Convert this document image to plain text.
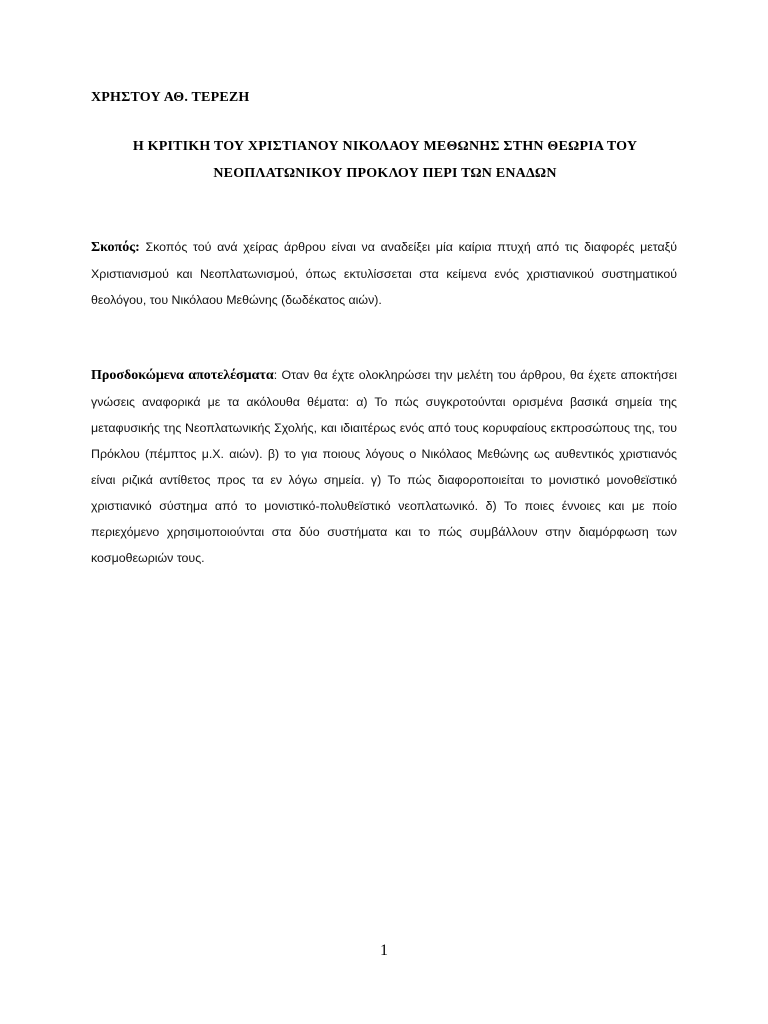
ΧΡΗΣΤΟΥ ΑΘ. ΤΕΡΕΖΗ
Η ΚΡΙΤΙΚΗ ΤΟΥ ΧΡΙΣΤΙΑΝΟΥ ΝΙΚΟΛΑΟΥ ΜΕΘΩΝΗΣ ΣΤΗΝ ΘΕΩΡΙΑ ΤΟΥ
ΝΕΟΠΛΑΤΩΝΙΚΟΥ ΠΡΟΚΛΟΥ ΠΕΡΙ ΤΩΝ ΕΝΑΔΩΝ
Σκοπός: Σκοπός τού ανά χείρας άρθρου είναι να αναδείξει μία καίρια πτυχή από τις διαφορές μεταξύ Χριστιανισμού και Νεοπλατωνισμού, όπως εκτυλίσσεται στα κείμενα ενός χριστιανικού συστηματικού θεολόγου, του Νικόλαου Μεθώνης (δωδέκατος αιών).
Προσδοκώμενα αποτελέσματα: Οταν θα έχτε ολοκληρώσει την μελέτη του άρθρου, θα έχετε αποκτήσει γνώσεις αναφορικά με τα ακόλουθα θέματα: α) Το πώς συγκροτούνται ορισμένα βασικά σημεία της μεταφυσικής της Νεοπλατωνικής Σχολής, και ιδιαιτέρως ενός από τους κορυφαίους εκπροσώπους της, του Πρόκλου (πέμπτος μ.Χ. αιών). β) το για ποιους λόγους ο Νικόλαος Μεθώνης ως αυθεντικός χριστιανός είναι ριζικά αντίθετος προς τα εν λόγω σημεία. γ) Το πώς διαφοροποιείται το μονιστικό μονοθεϊστικό χριστιανικό σύστημα από το μονιστικό-πολυθεϊστικό νεοπλατωνικό. δ) Το ποιες έννοιες και με ποίο περιεχόμενο χρησιμοποιούνται στα δύο συστήματα και το πώς συμβάλλουν στην διαμόρφωση των κοσμοθεωριών τους.
1
